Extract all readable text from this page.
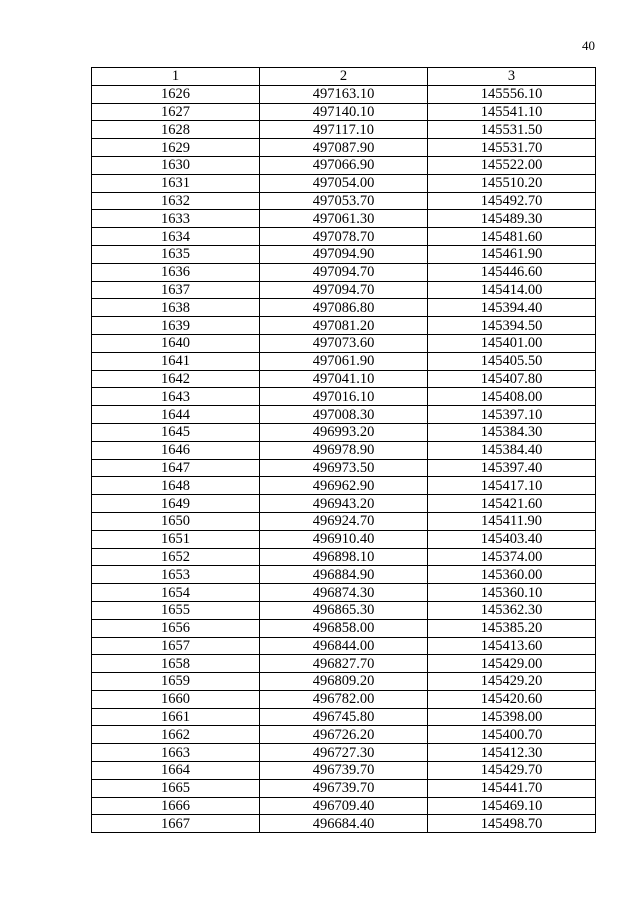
40
1	2	3
1626	497163.10	145556.10
1627	497140.10	145541.10
1628	497117.10	145531.50
1629	497087.90	145531.70
1630	497066.90	145522.00
1631	497054.00	145510.20
1632	497053.70	145492.70
1633	497061.30	145489.30
1634	497078.70	145481.60
1635	497094.90	145461.90
1636	497094.70	145446.60
1637	497094.70	145414.00
1638	497086.80	145394.40
1639	497081.20	145394.50
1640	497073.60	145401.00
1641	497061.90	145405.50
1642	497041.10	145407.80
1643	497016.10	145408.00
1644	497008.30	145397.10
1645	496993.20	145384.30
1646	496978.90	145384.40
1647	496973.50	145397.40
1648	496962.90	145417.10
1649	496943.20	145421.60
1650	496924.70	145411.90
1651	496910.40	145403.40
1652	496898.10	145374.00
1653	496884.90	145360.00
1654	496874.30	145360.10
1655	496865.30	145362.30
1656	496858.00	145385.20
1657	496844.00	145413.60
1658	496827.70	145429.00
1659	496809.20	145429.20
1660	496782.00	145420.60
1661	496745.80	145398.00
1662	496726.20	145400.70
1663	496727.30	145412.30
1664	496739.70	145429.70
1665	496739.70	145441.70
1666	496709.40	145469.10
1667	496684.40	145498.70
